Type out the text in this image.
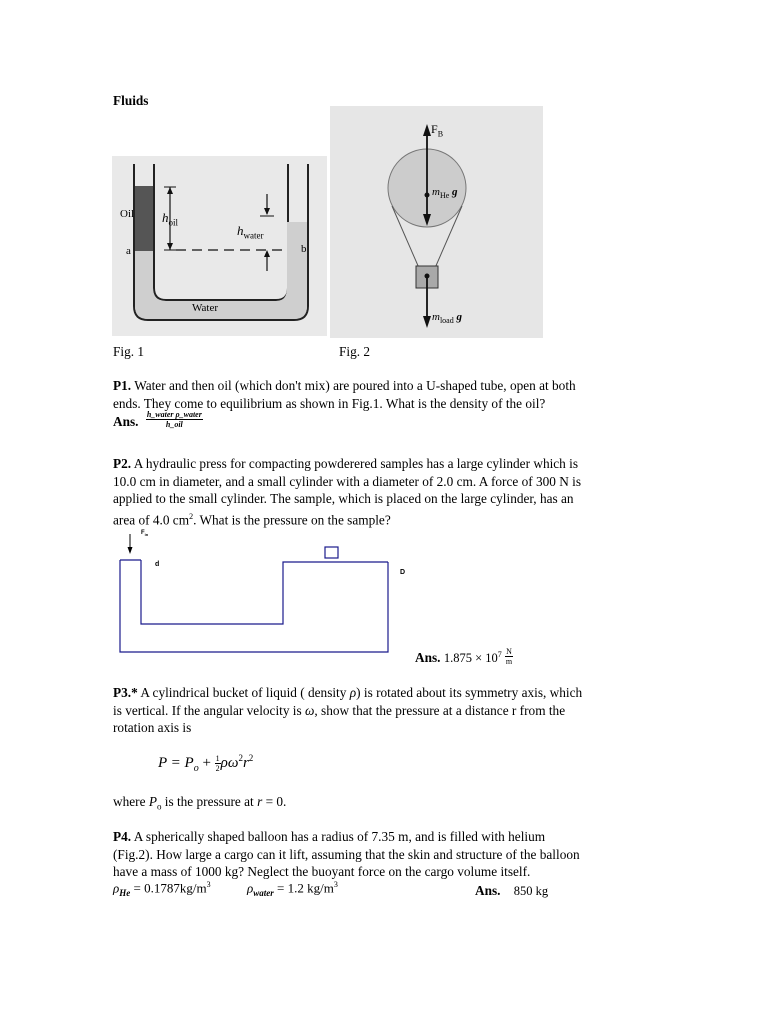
Fluids
Oil
a	b
Water
$h_{oil}$
$h_{water}$
$F_B$
$m_{He}$ g
$m_{load}$ g
Fig. 1	Fig. 2
P1. Water and then oil (which don't mix) are poured into a U-shaped tube, open at both
ends. They come to equilibrium as shown in Fig.1. What is the density of the oil?
Ans. $\frac{\text{h\_water ρ\_water}}{\text{h\_oil}}$
P2. A hydraulic press for compacting powderered samples has a large cylinder which is
10.0 cm in diameter, and a small cylinder with a diameter of 2.0 cm. A force of 300 N is
applied to the small cylinder. The sample, which is placed on the large cylinder, has an
area of 4.0 $cm^2$. What is the pressure on the sample?
$F_{in}$
d
D
Ans. $1.875 \times 10^7 \frac{N}{m}$
P3.* A cylindrical bucket of liquid ( density ρ) is rotated about its symmetry axis, which
is vertical. If the angular velocity is ω, show that the pressure at a distance r from the
rotation axis is
$P = P_o + \frac{1}{2} \rho\omega^2r^2$
where $P_o$ is the pressure at r = 0.
P4. A spherically shaped balloon has a radius of 7.35 m, and is filled with helium
(Fig.2). How large a cargo can it lift, assuming that the skin and structure of the balloon
have a mass of 1000 kg? Neglect the buoyant force on the cargo volume itself.
$\rho_{He} = 0.1787kg/m^3$	$\rho_{water} = 1.2$ $kg/m^3$	Ans. 850 kg
